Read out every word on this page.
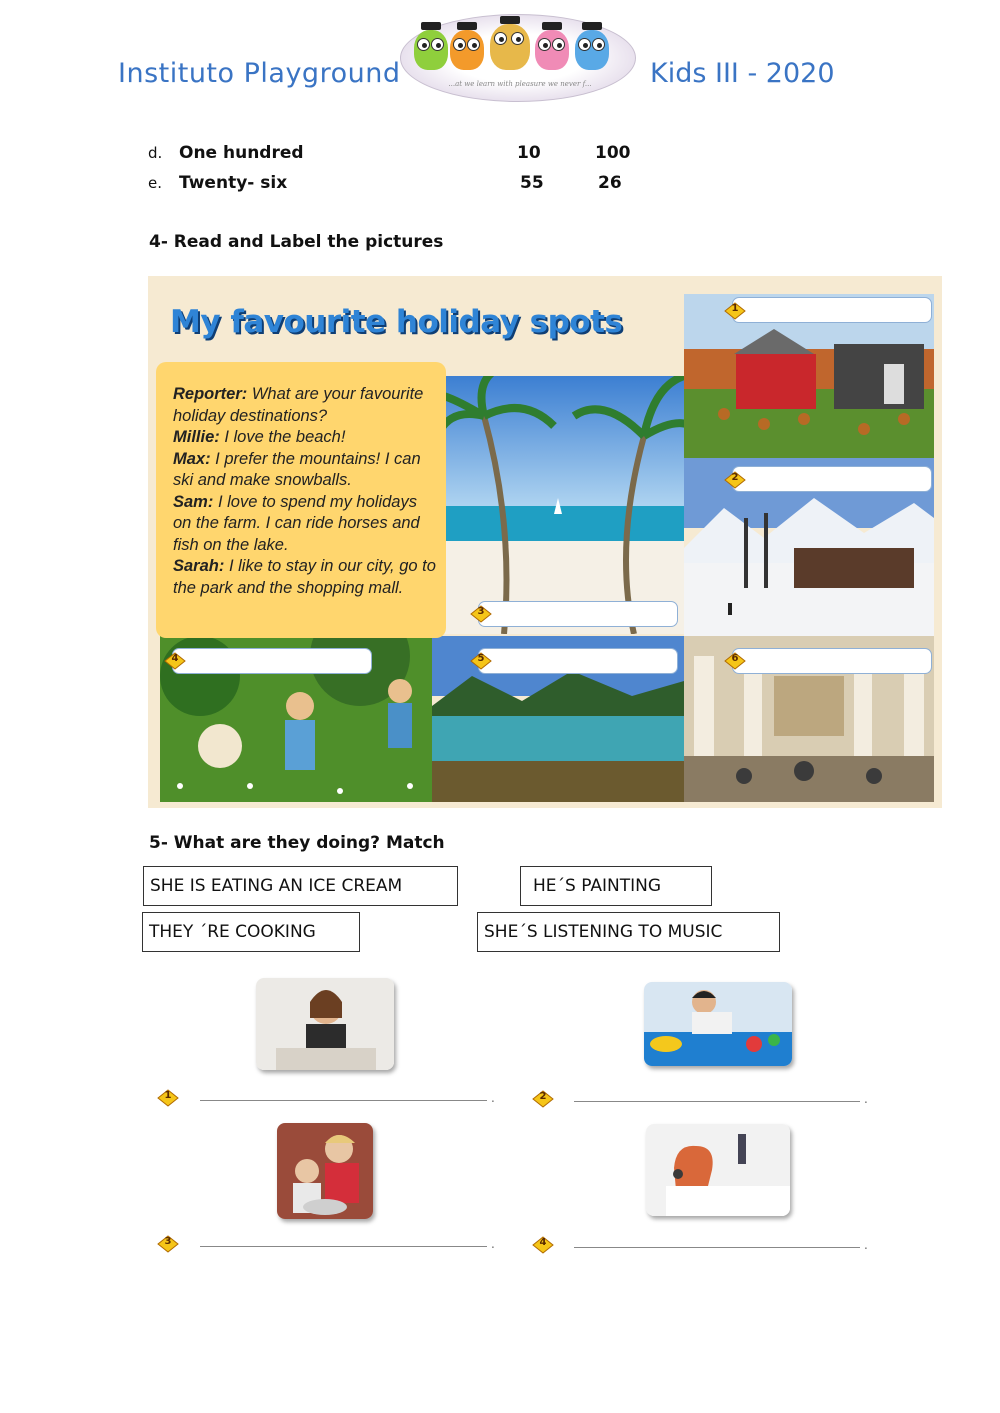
Instituto Playground	...at we learn with pleasure we never f...	Kids III - 2020
d. One hundred	10	100
e. Twenty- six	55	26
4- Read and Label the pictures
My favourite holiday spots
Reporter: What are your favourite holiday destinations?
Millie: I love the beach!
Max: I prefer the mountains! I can ski and make snowballs.
Sam: I love to spend my holidays on the farm. I can ride horses and fish on the lake.
Sarah: I like to stay in our city, go to the park and the shopping mall.
1
2
3
4	5	6
5- What are they doing? Match
SHE IS EATING AN ICE CREAM	HE´S PAINTING
THEY ´RE COOKING	SHE´S LISTENING TO MUSIC
1	.	2	.
3	.	4	.
